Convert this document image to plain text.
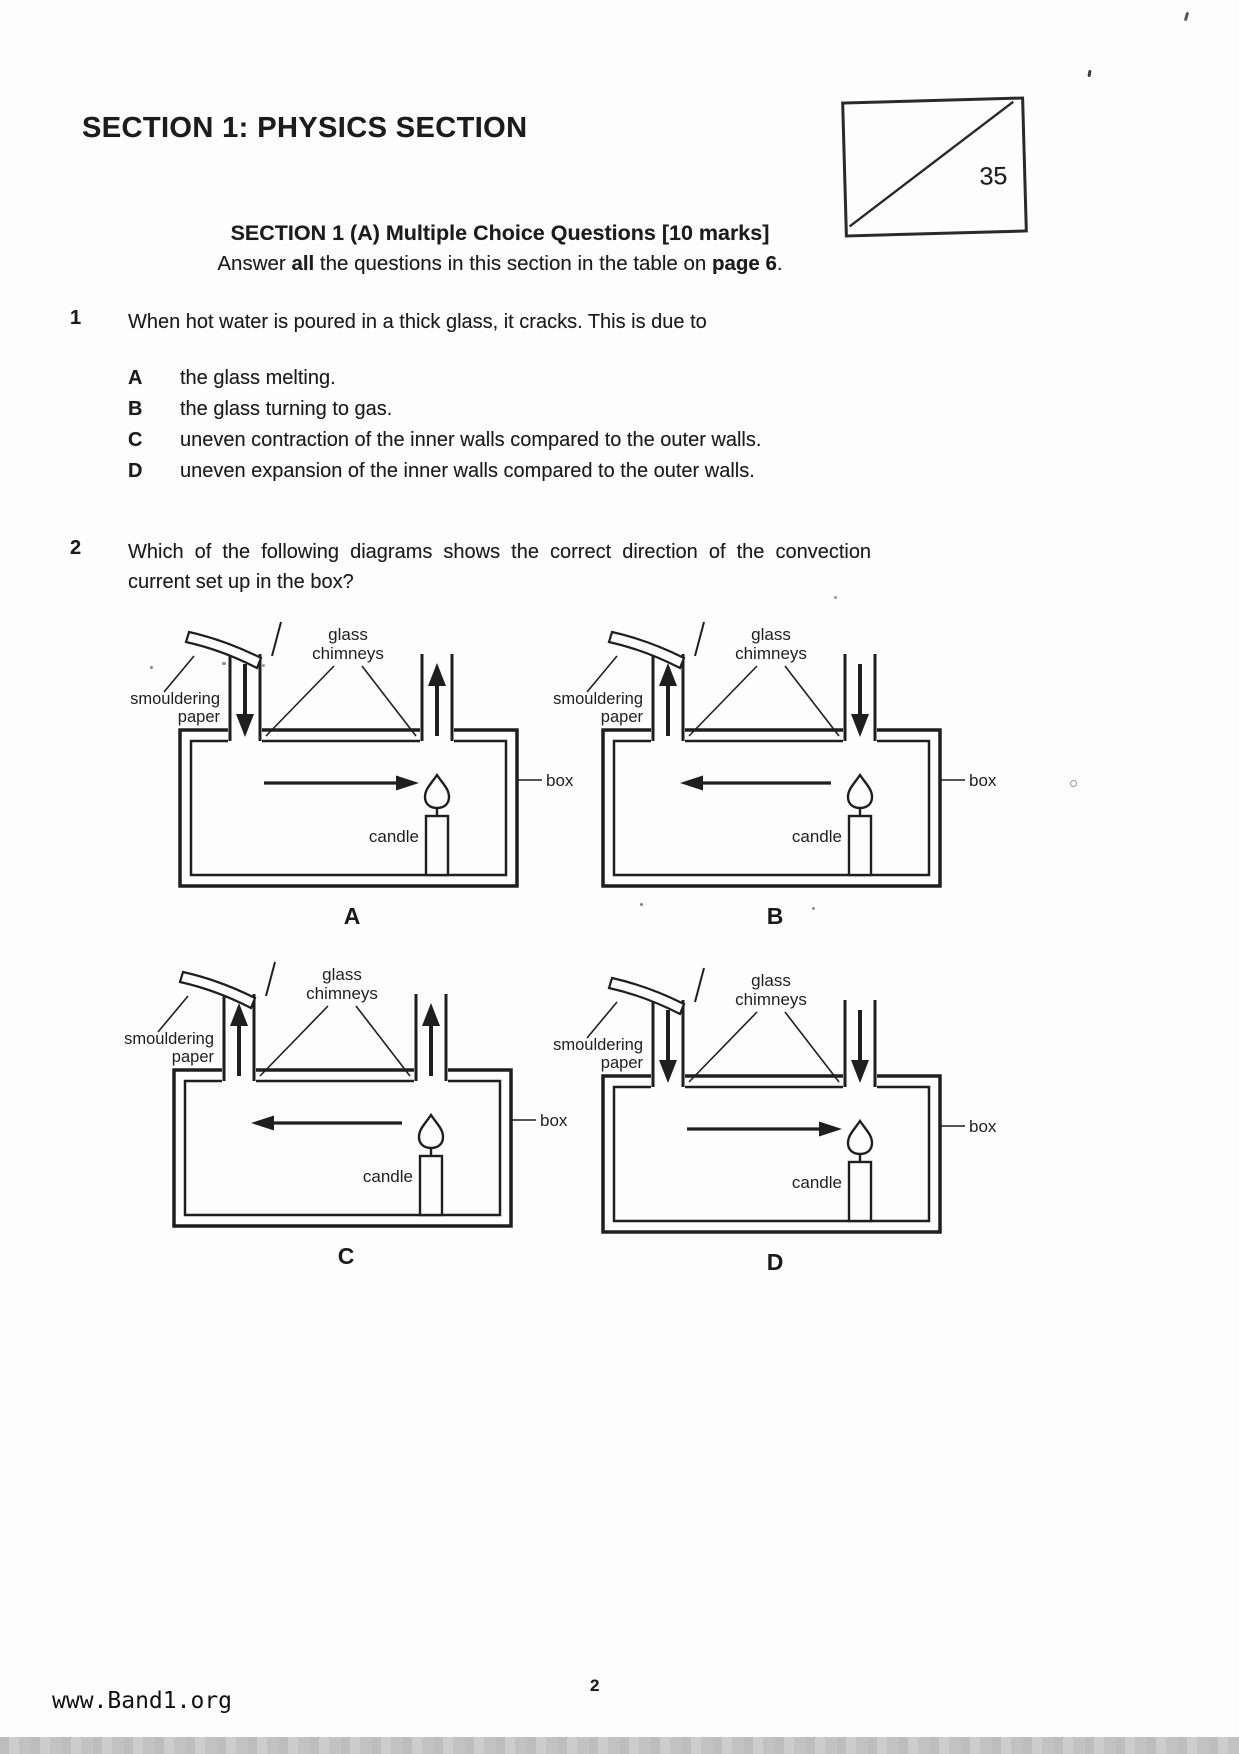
SECTION 1: PHYSICS SECTION
35
SECTION 1 (A) Multiple Choice Questions [10 marks]
Answer all the questions in this section in the table on page 6.
1 When hot water is poured in a thick glass, it cracks. This is due to
A the glass melting.
B the glass turning to gas.
C uneven contraction of the inner walls compared to the outer walls.
D uneven expansion of the inner walls compared to the outer walls.
2 Which of the following diagrams shows the correct direction of the convection
current set up in the box?
glass
chimneys
smouldering
paper
box
candle
A
glass
chimneys
smouldering
paper
box
candle
B
glass
chimneys
smouldering
paper
box
candle
C
glass
chimneys
smouldering
paper
box
candle
D
www.Band1.org
2
